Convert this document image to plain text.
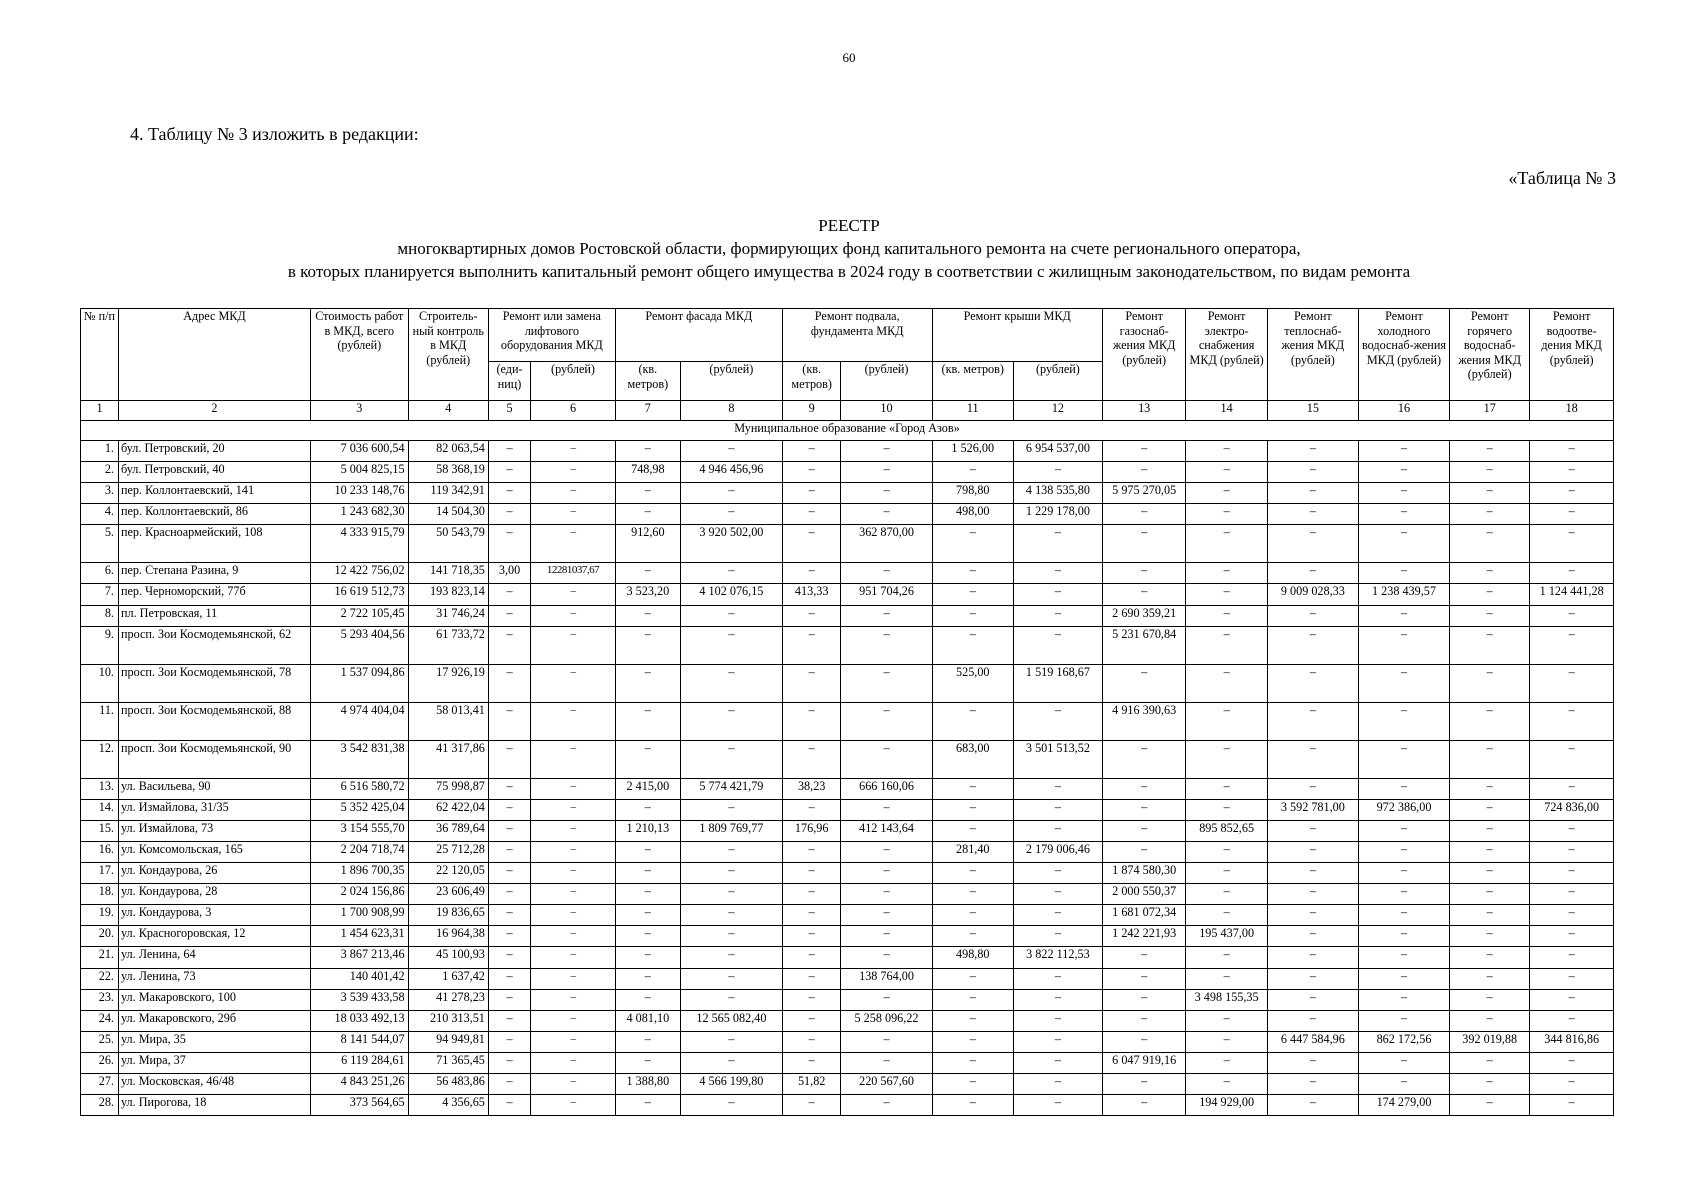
60
4. Таблицу № 3 изложить в редакции:
«Таблица № 3
РЕЕСТР
многоквартирных домов Ростовской области, формирующих фонд капитального ремонта на счете регионального оператора,
в которых планируется выполнить капитальный ремонт общего имущества в 2024 году в соответствии с жилищным законодательством, по видам ремонта
№ п/п	Адрес МКД	Стоимость работ в МКД, всего (рублей)	Строитель-ный контроль в МКД (рублей)	Ремонт или замена лифтового оборудования МКД		Ремонт фасада МКД		Ремонт подвала, фундамента МКД		Ремонт крыши МКД		Ремонт газоснаб-жения МКД (рублей)	Ремонт электро-снабжения МКД (рублей)	Ремонт теплоснаб-жения МКД (рублей)	Ремонт холодного водоснаб-жения МКД (рублей)	Ремонт горячего водоснаб-жения МКД (рублей)	Ремонт водоотве-дения МКД (рублей)
				(еди-ниц)	(рублей)	(кв. метров)	(рублей)	(кв. метров)	(рублей)	(кв. метров)	(рублей)						
1	2	3	4	5	6	7	8	9	10	11	12	13	14	15	16	17	18
Муниципальное образование «Город Азов»																	
1.	бул. Петровский, 20	7 036 600,54	82 063,54	–	–	–	–	–	–	1 526,00	6 954 537,00	–	–	–	–	–	–
2.	бул. Петровский, 40	5 004 825,15	58 368,19	–	–	748,98	4 946 456,96	–	–	–	–	–	–	–	–	–	–
3.	пер. Коллонтаевский, 141	10 233 148,76	119 342,91	–	–	–	–	–	–	798,80	4 138 535,80	5 975 270,05	–	–	–	–	–
4.	пер. Коллонтаевский, 86	1 243 682,30	14 504,30	–	–	–	–	–	–	498,00	1 229 178,00	–	–	–	–	–	–
5.	пер. Красноармейский, 108	4 333 915,79	50 543,79	–	–	912,60	3 920 502,00	–	362 870,00	–	–	–	–	–	–	–	–
6.	пер. Степана Разина, 9	12 422 756,02	141 718,35	3,00	12281037,67	–	–	–	–	–	–	–	–	–	–	–	–
7.	пер. Черноморский, 77б	16 619 512,73	193 823,14	–	–	3 523,20	4 102 076,15	413,33	951 704,26	–	–	–	–	9 009 028,33	1 238 439,57	–	1 124 441,28
8.	пл. Петровская, 11	2 722 105,45	31 746,24	–	–	–	–	–	–	–	–	2 690 359,21	–	–	–	–	–
9.	просп. Зои Космодемьянской, 62	5 293 404,56	61 733,72	–	–	–	–	–	–	–	–	5 231 670,84	–	–	–	–	–
10.	просп. Зои Космодемьянской, 78	1 537 094,86	17 926,19	–	–	–	–	–	–	525,00	1 519 168,67	–	–	–	–	–	–
11.	просп. Зои Космодемьянской, 88	4 974 404,04	58 013,41	–	–	–	–	–	–	–	–	4 916 390,63	–	–	–	–	–
12.	просп. Зои Космодемьянской, 90	3 542 831,38	41 317,86	–	–	–	–	–	–	683,00	3 501 513,52	–	–	–	–	–	–
13.	ул. Васильева, 90	6 516 580,72	75 998,87	–	–	2 415,00	5 774 421,79	38,23	666 160,06	–	–	–	–	–	–	–	–
14.	ул. Измайлова, 31/35	5 352 425,04	62 422,04	–	–	–	–	–	–	–	–	–	–	3 592 781,00	972 386,00	–	724 836,00
15.	ул. Измайлова, 73	3 154 555,70	36 789,64	–	–	1 210,13	1 809 769,77	176,96	412 143,64	–	–	–	895 852,65	–	–	–	–
16.	ул. Комсомольская, 165	2 204 718,74	25 712,28	–	–	–	–	–	–	281,40	2 179 006,46	–	–	–	–	–	–
17.	ул. Кондаурова, 26	1 896 700,35	22 120,05	–	–	–	–	–	–	–	–	1 874 580,30	–	–	–	–	–
18.	ул. Кондаурова, 28	2 024 156,86	23 606,49	–	–	–	–	–	–	–	–	2 000 550,37	–	–	–	–	–
19.	ул. Кондаурова, 3	1 700 908,99	19 836,65	–	–	–	–	–	–	–	–	1 681 072,34	–	–	–	–	–
20.	ул. Красногоровская, 12	1 454 623,31	16 964,38	–	–	–	–	–	–	–	–	1 242 221,93	195 437,00	–	–	–	–
21.	ул. Ленина, 64	3 867 213,46	45 100,93	–	–	–	–	–	–	498,80	3 822 112,53	–	–	–	–	–	–
22.	ул. Ленина, 73	140 401,42	1 637,42	–	–	–	–	–	138 764,00	–	–	–	–	–	–	–	–
23.	ул. Макаровского, 100	3 539 433,58	41 278,23	–	–	–	–	–	–	–	–	–	3 498 155,35	–	–	–	–
24.	ул. Макаровского, 29б	18 033 492,13	210 313,51	–	–	4 081,10	12 565 082,40	–	5 258 096,22	–	–	–	–	–	–	–	–
25.	ул. Мира, 35	8 141 544,07	94 949,81	–	–	–	–	–	–	–	–	–	–	6 447 584,96	862 172,56	392 019,88	344 816,86
26.	ул. Мира, 37	6 119 284,61	71 365,45	–	–	–	–	–	–	–	–	6 047 919,16	–	–	–	–	–
27.	ул. Московская, 46/48	4 843 251,26	56 483,86	–	–	1 388,80	4 566 199,80	51,82	220 567,60	–	–	–	–	–	–	–	–
28.	ул. Пирогова, 18	373 564,65	4 356,65	–	–	–	–	–	–	–	–	–	194 929,00	–	174 279,00	–	–
